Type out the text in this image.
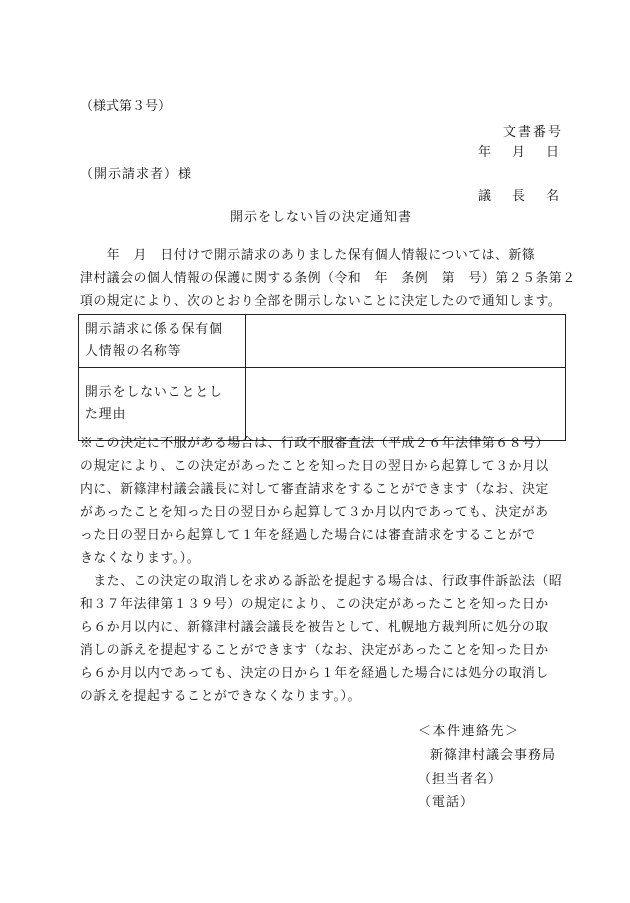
（様式第３号）
文書番号
年　月　日
（開示請求者）様
議　長　名
開示をしない旨の決定通知書
　　年　月　日付けで開示請求のありました保有個人情報については、新篠
津村議会の個人情報の保護に関する条例（令和　年　条例　第　号）第２５条第２
項の規定により、次のとおり全部を開示しないことに決定したので通知します。
開示請求に係る保有個
人情報の名称等	

開示をしないこととし
た理由	

※この決定に不服がある場合は、行政不服審査法（平成２６年法律第６８号）
の規定により、この決定があったことを知った日の翌日から起算して３か月以
内に、新篠津村議会議長に対して審査請求をすることができます（なお、決定
があったことを知った日の翌日から起算して３か月以内であっても、決定があ
った日の翌日から起算して１年を経過した場合には審査請求をすることがで
きなくなります。）。
　また、この決定の取消しを求める訴訟を提起する場合は、行政事件訴訟法（昭
和３７年法律第１３９号）の規定により、この決定があったことを知った日か
ら６か月以内に、新篠津村議会議長を被告として、札幌地方裁判所に処分の取
消しの訴えを提起することができます（なお、決定があったことを知った日か
ら６か月以内であっても、決定の日から１年を経過した場合には処分の取消し
の訴えを提起することができなくなります。）。
＜本件連絡先＞
新篠津村議会事務局
（担当者名）
（電話）
